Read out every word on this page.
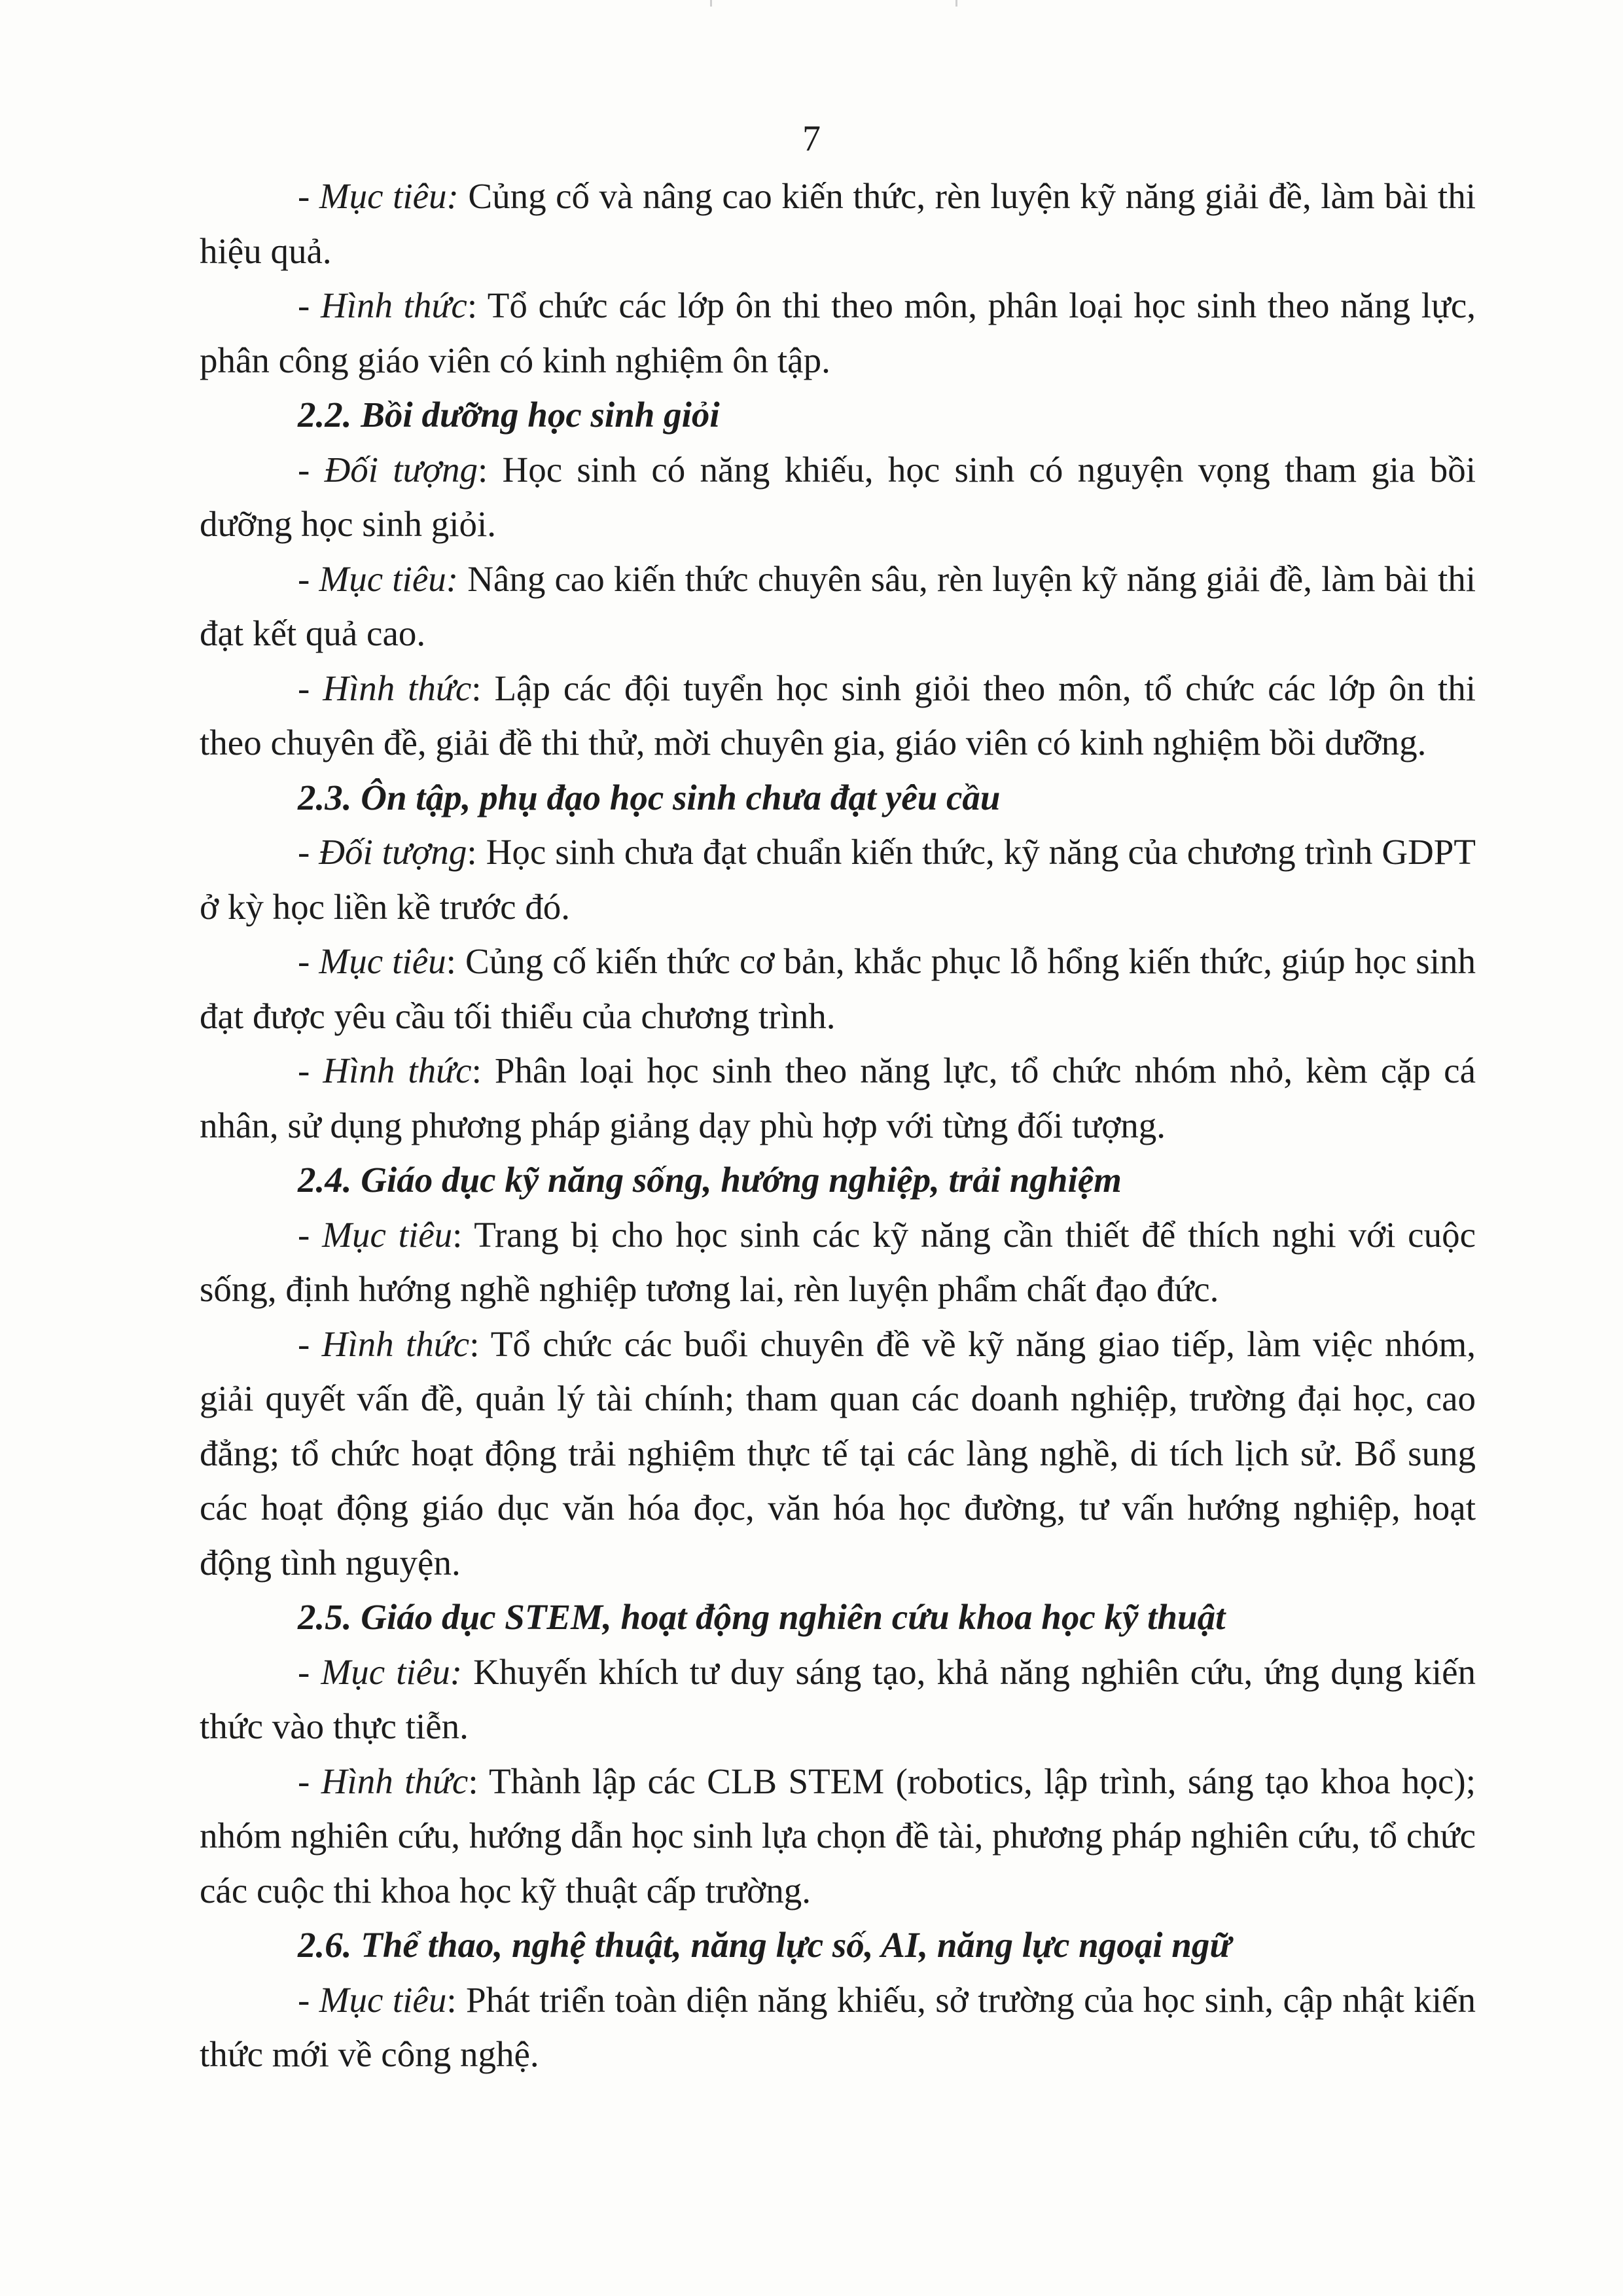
7

- Mục tiêu: Củng cố và nâng cao kiến thức, rèn luyện kỹ năng giải đề, làm bài thi hiệu quả.

- Hình thức: Tổ chức các lớp ôn thi theo môn, phân loại học sinh theo năng lực, phân công giáo viên có kinh nghiệm ôn tập.

2.2. Bồi dưỡng học sinh giỏi

- Đối tượng: Học sinh có năng khiếu, học sinh có nguyện vọng tham gia bồi dưỡng học sinh giỏi.

- Mục tiêu: Nâng cao kiến thức chuyên sâu, rèn luyện kỹ năng giải đề, làm bài thi đạt kết quả cao.

- Hình thức: Lập các đội tuyển học sinh giỏi theo môn, tổ chức các lớp ôn thi theo chuyên đề, giải đề thi thử, mời chuyên gia, giáo viên có kinh nghiệm bồi dưỡng.

2.3. Ôn tập, phụ đạo học sinh chưa đạt yêu cầu

- Đối tượng: Học sinh chưa đạt chuẩn kiến thức, kỹ năng của chương trình GDPT ở kỳ học liền kề trước đó.

- Mục tiêu: Củng cố kiến thức cơ bản, khắc phục lỗ hổng kiến thức, giúp học sinh đạt được yêu cầu tối thiểu của chương trình.

- Hình thức: Phân loại học sinh theo năng lực, tổ chức nhóm nhỏ, kèm cặp cá nhân, sử dụng phương pháp giảng dạy phù hợp với từng đối tượng.

2.4. Giáo dục kỹ năng sống, hướng nghiệp, trải nghiệm

- Mục tiêu: Trang bị cho học sinh các kỹ năng cần thiết để thích nghi với cuộc sống, định hướng nghề nghiệp tương lai, rèn luyện phẩm chất đạo đức.

- Hình thức: Tổ chức các buổi chuyên đề về kỹ năng giao tiếp, làm việc nhóm, giải quyết vấn đề, quản lý tài chính; tham quan các doanh nghiệp, trường đại học, cao đẳng; tổ chức hoạt động trải nghiệm thực tế tại các làng nghề, di tích lịch sử. Bổ sung các hoạt động giáo dục văn hóa đọc, văn hóa học đường, tư vấn hướng nghiệp, hoạt động tình nguyện.

2.5. Giáo dục STEM, hoạt động nghiên cứu khoa học kỹ thuật

- Mục tiêu: Khuyến khích tư duy sáng tạo, khả năng nghiên cứu, ứng dụng kiến thức vào thực tiễn.

- Hình thức: Thành lập các CLB STEM (robotics, lập trình, sáng tạo khoa học); nhóm nghiên cứu, hướng dẫn học sinh lựa chọn đề tài, phương pháp nghiên cứu, tổ chức các cuộc thi khoa học kỹ thuật cấp trường.

2.6. Thể thao, nghệ thuật, năng lực số, AI, năng lực ngoại ngữ

- Mục tiêu: Phát triển toàn diện năng khiếu, sở trường của học sinh, cập nhật kiến thức mới về công nghệ.
